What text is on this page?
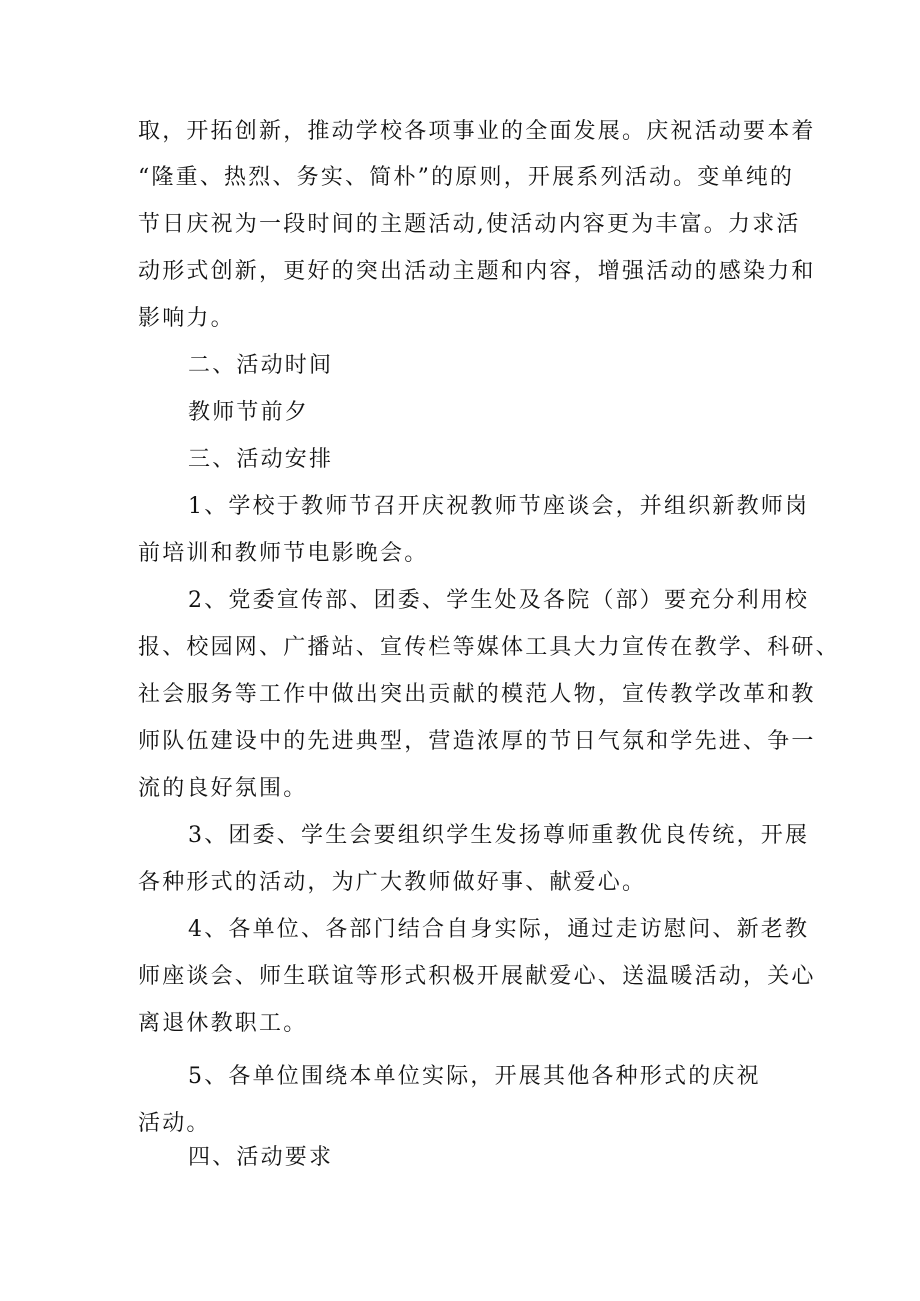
取，开拓创新，推动学校各项事业的全面发展。庆祝活动要本着
“隆重、热烈、务实、简朴”的原则，开展系列活动。变单纯的
节日庆祝为一段时间的主题活动,使活动内容更为丰富。力求活
动形式创新，更好的突出活动主题和内容，增强活动的感染力和
影响力。
二、活动时间
教师节前夕
三、活动安排
1、学校于教师节召开庆祝教师节座谈会，并组织新教师岗
前培训和教师节电影晚会。
2、党委宣传部、团委、学生处及各院（部）要充分利用校
报、校园网、广播站、宣传栏等媒体工具大力宣传在教学、科研、
社会服务等工作中做出突出贡献的模范人物，宣传教学改革和教
师队伍建设中的先进典型，营造浓厚的节日气氛和学先进、争一
流的良好氛围。
3、团委、学生会要组织学生发扬尊师重教优良传统，开展
各种形式的活动，为广大教师做好事、献爱心。
4、各单位、各部门结合自身实际，通过走访慰问、新老教
师座谈会、师生联谊等形式积极开展献爱心、送温暖活动，关心
离退休教职工。
5、各单位围绕本单位实际，开展其他各种形式的庆祝
活动。
四、活动要求
